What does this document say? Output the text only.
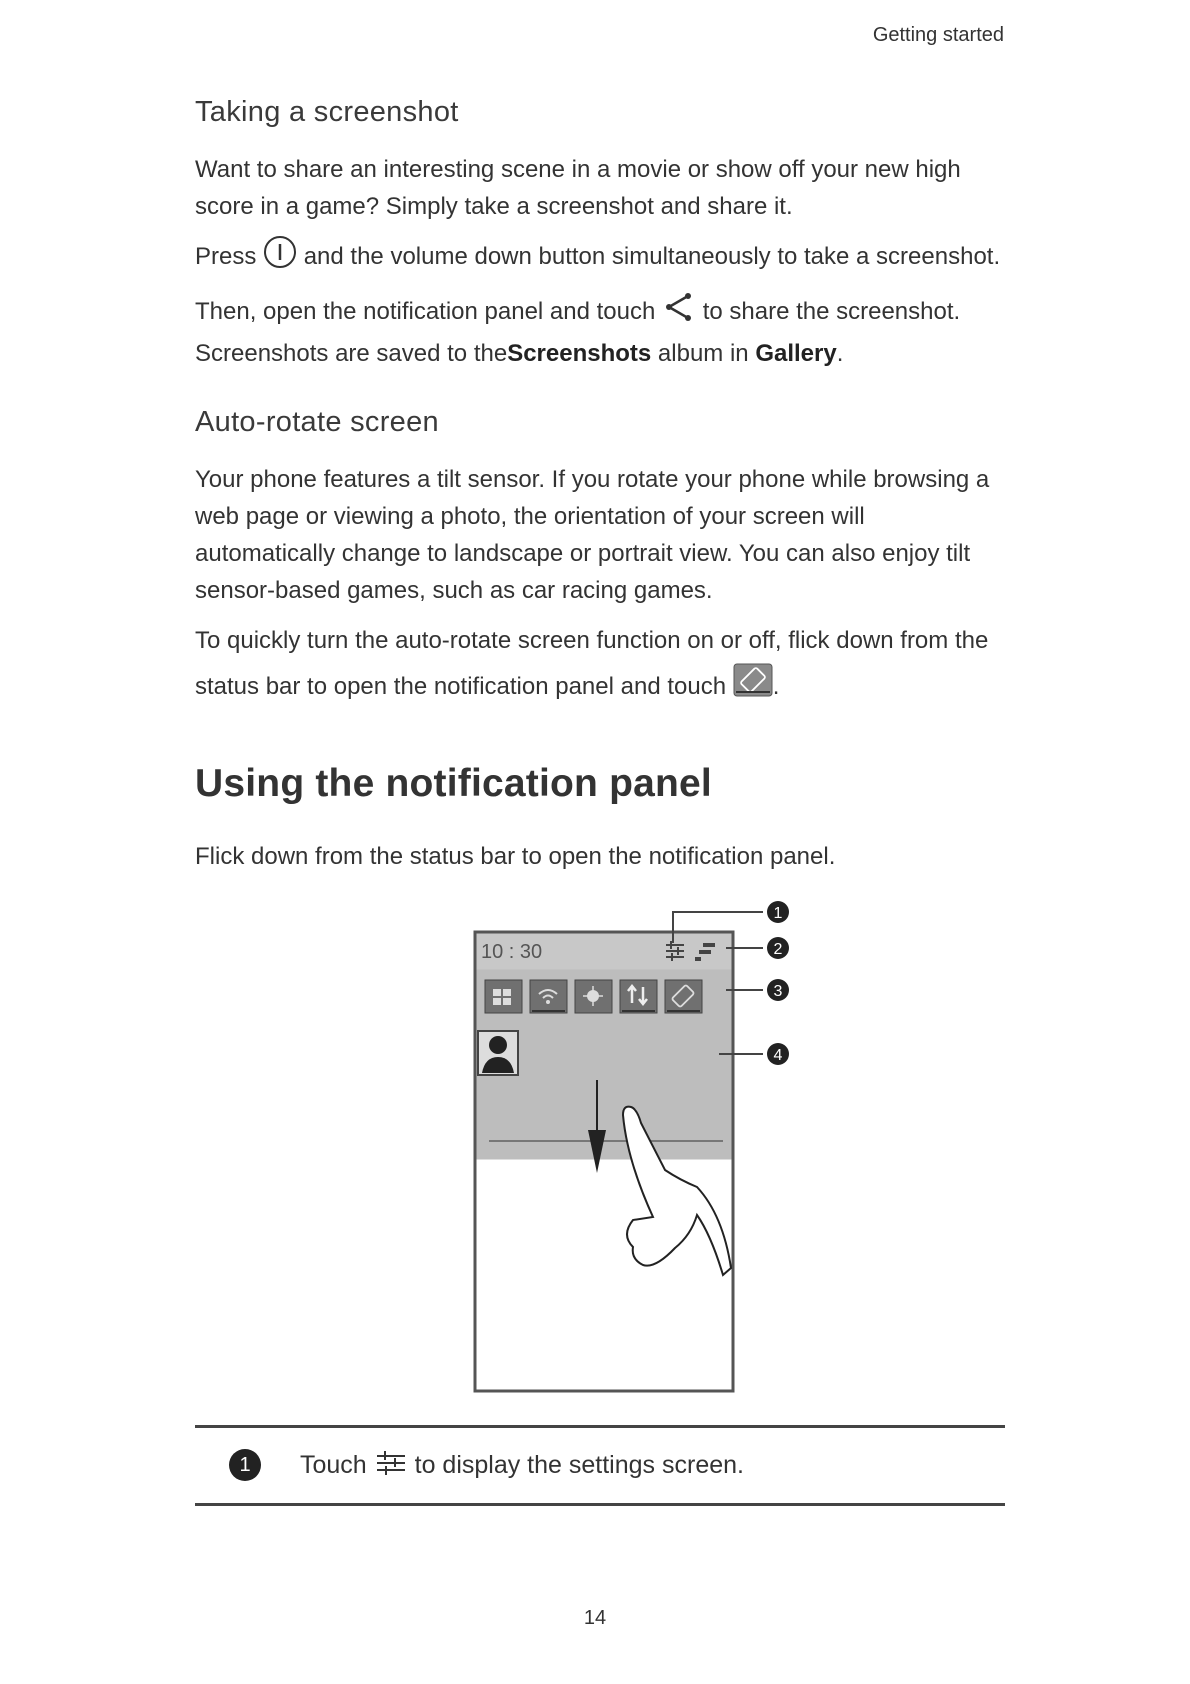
Getting started
Taking a screenshot

Want to share an interesting scene in a movie or show off your new high score in a game? Simply take a screenshot and share it.

Press and the volume down button simultaneously to take a screenshot.

Then, open the notification panel and touch to share the screenshot.
Screenshots are saved to theScreenshots album in Gallery.

Auto-rotate screen

Your phone features a tilt sensor. If you rotate your phone while browsing a web page or viewing a photo, the orientation of your screen will automatically change to landscape or portrait view. You can also enjoy tilt sensor-based games, such as car racing games.

To quickly turn the auto-rotate screen function on or off, flick down from the status bar to open the notification panel and touch .

Using the notification panel

Flick down from the status bar to open the notification panel.

10 : 30
1
2
3
4
1	Touch to display the settings screen.
14
